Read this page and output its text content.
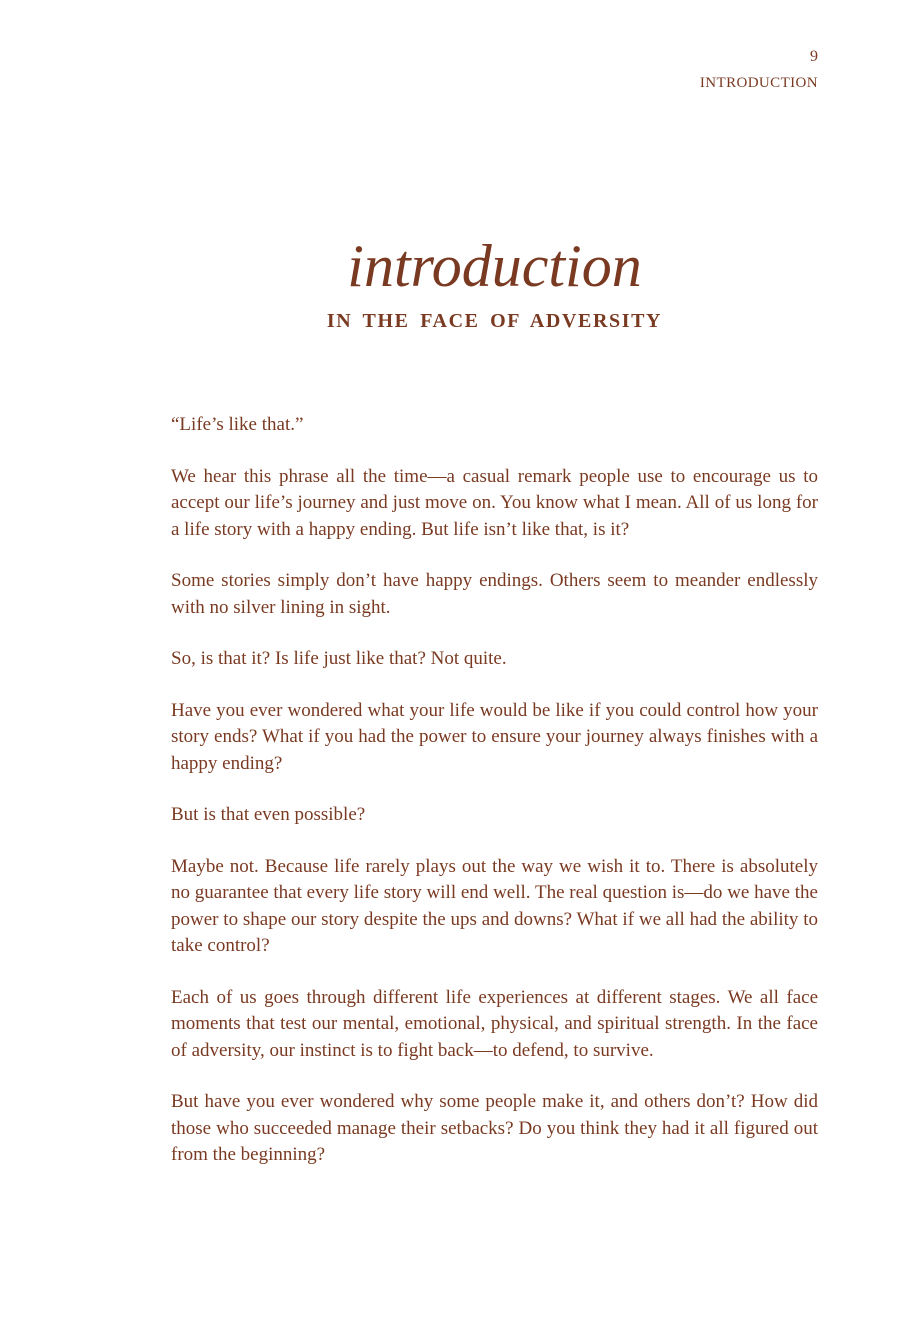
9
INTRODUCTION
introduction
IN THE FACE OF ADVERSITY

“Life’s like that.”

We hear this phrase all the time—a casual remark people use to encourage us to accept our life’s journey and just move on. You know what I mean. All of us long for a life story with a happy ending. But life isn’t like that, is it?

Some stories simply don’t have happy endings. Others seem to meander endlessly with no silver lining in sight.

So, is that it? Is life just like that? Not quite.

Have you ever wondered what your life would be like if you could control how your story ends? What if you had the power to ensure your journey always finishes with a happy ending?

But is that even possible?

Maybe not. Because life rarely plays out the way we wish it to. There is absolutely no guarantee that every life story will end well. The real question is—do we have the power to shape our story despite the ups and downs? What if we all had the ability to take control?

Each of us goes through different life experiences at different stages. We all face moments that test our mental, emotional, physical, and spiritual strength. In the face of adversity, our instinct is to fight back—to defend, to survive.

But have you ever wondered why some people make it, and others don’t? How did those who succeeded manage their setbacks? Do you think they had it all figured out from the beginning?
